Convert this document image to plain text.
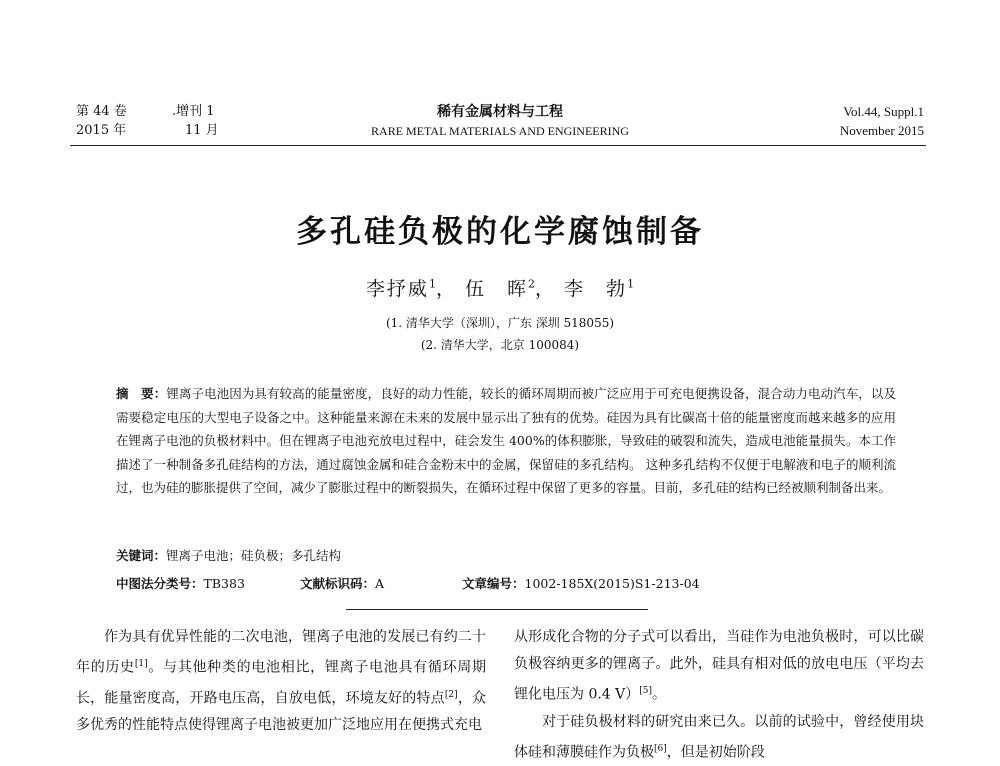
第 44 卷	.增刊 1
2015 年	11 月
稀有金属材料与工程
RARE METAL MATERIALS AND ENGINEERING
Vol.44, Suppl.1
November 2015
多孔硅负极的化学腐蚀制备
李抒威$^1$， 伍　晖$^2$， 李　勃$^1$
(1. 清华大学（深圳），广东 深圳 518055)
(2. 清华大学，北京 100084)
摘　要：锂离子电池因为具有较高的能量密度，良好的动力性能，较长的循环周期而被广泛应用于可充电便携设备，混合动力电动汽车，以及需要稳定电压的大型电子设备之中。这种能量来源在未来的发展中显示出了独有的优势。硅因为具有比碳高十倍的能量密度而越来越多的应用在锂离子电池的负极材料中。但在锂离子电池充放电过程中，硅会发生 400%的体积膨胀，导致硅的破裂和流失，造成电池能量损失。本工作描述了一种制备多孔硅结构的方法，通过腐蚀金属和硅合金粉末中的金属，保留硅的多孔结构。 这种多孔结构不仅便于电解液和电子的顺利流过，也为硅的膨胀提供了空间，减少了膨胀过程中的断裂损失，在循环过程中保留了更多的容量。目前，多孔硅的结构已经被顺利制备出来。
关键词：锂离子电池；硅负极；多孔结构
中图法分类号：TB383	文献标识码：A	文章编号：1002-185X(2015)S1-213-04

作为具有优异性能的二次电池，锂离子电池的发展已有约二十年的历史[1]。与其他种类的电池相比，锂离子电池具有循环周期长，能量密度高，开路电压高，自放电低，环境友好的特点[2]，众多优秀的性能特点使得锂离子电池被更加广泛地应用在便携式充电

从形成化合物的分子式可以看出，当硅作为电池负极时，可以比碳负极容纳更多的锂离子。此外，硅具有相对低的放电电压（平均去锂化电压为 0.4 V）[5]。

对于硅负极材料的研究由来已久。以前的试验中，曾经使用块体硅和薄膜硅作为负极[6]，但是初始阶段
